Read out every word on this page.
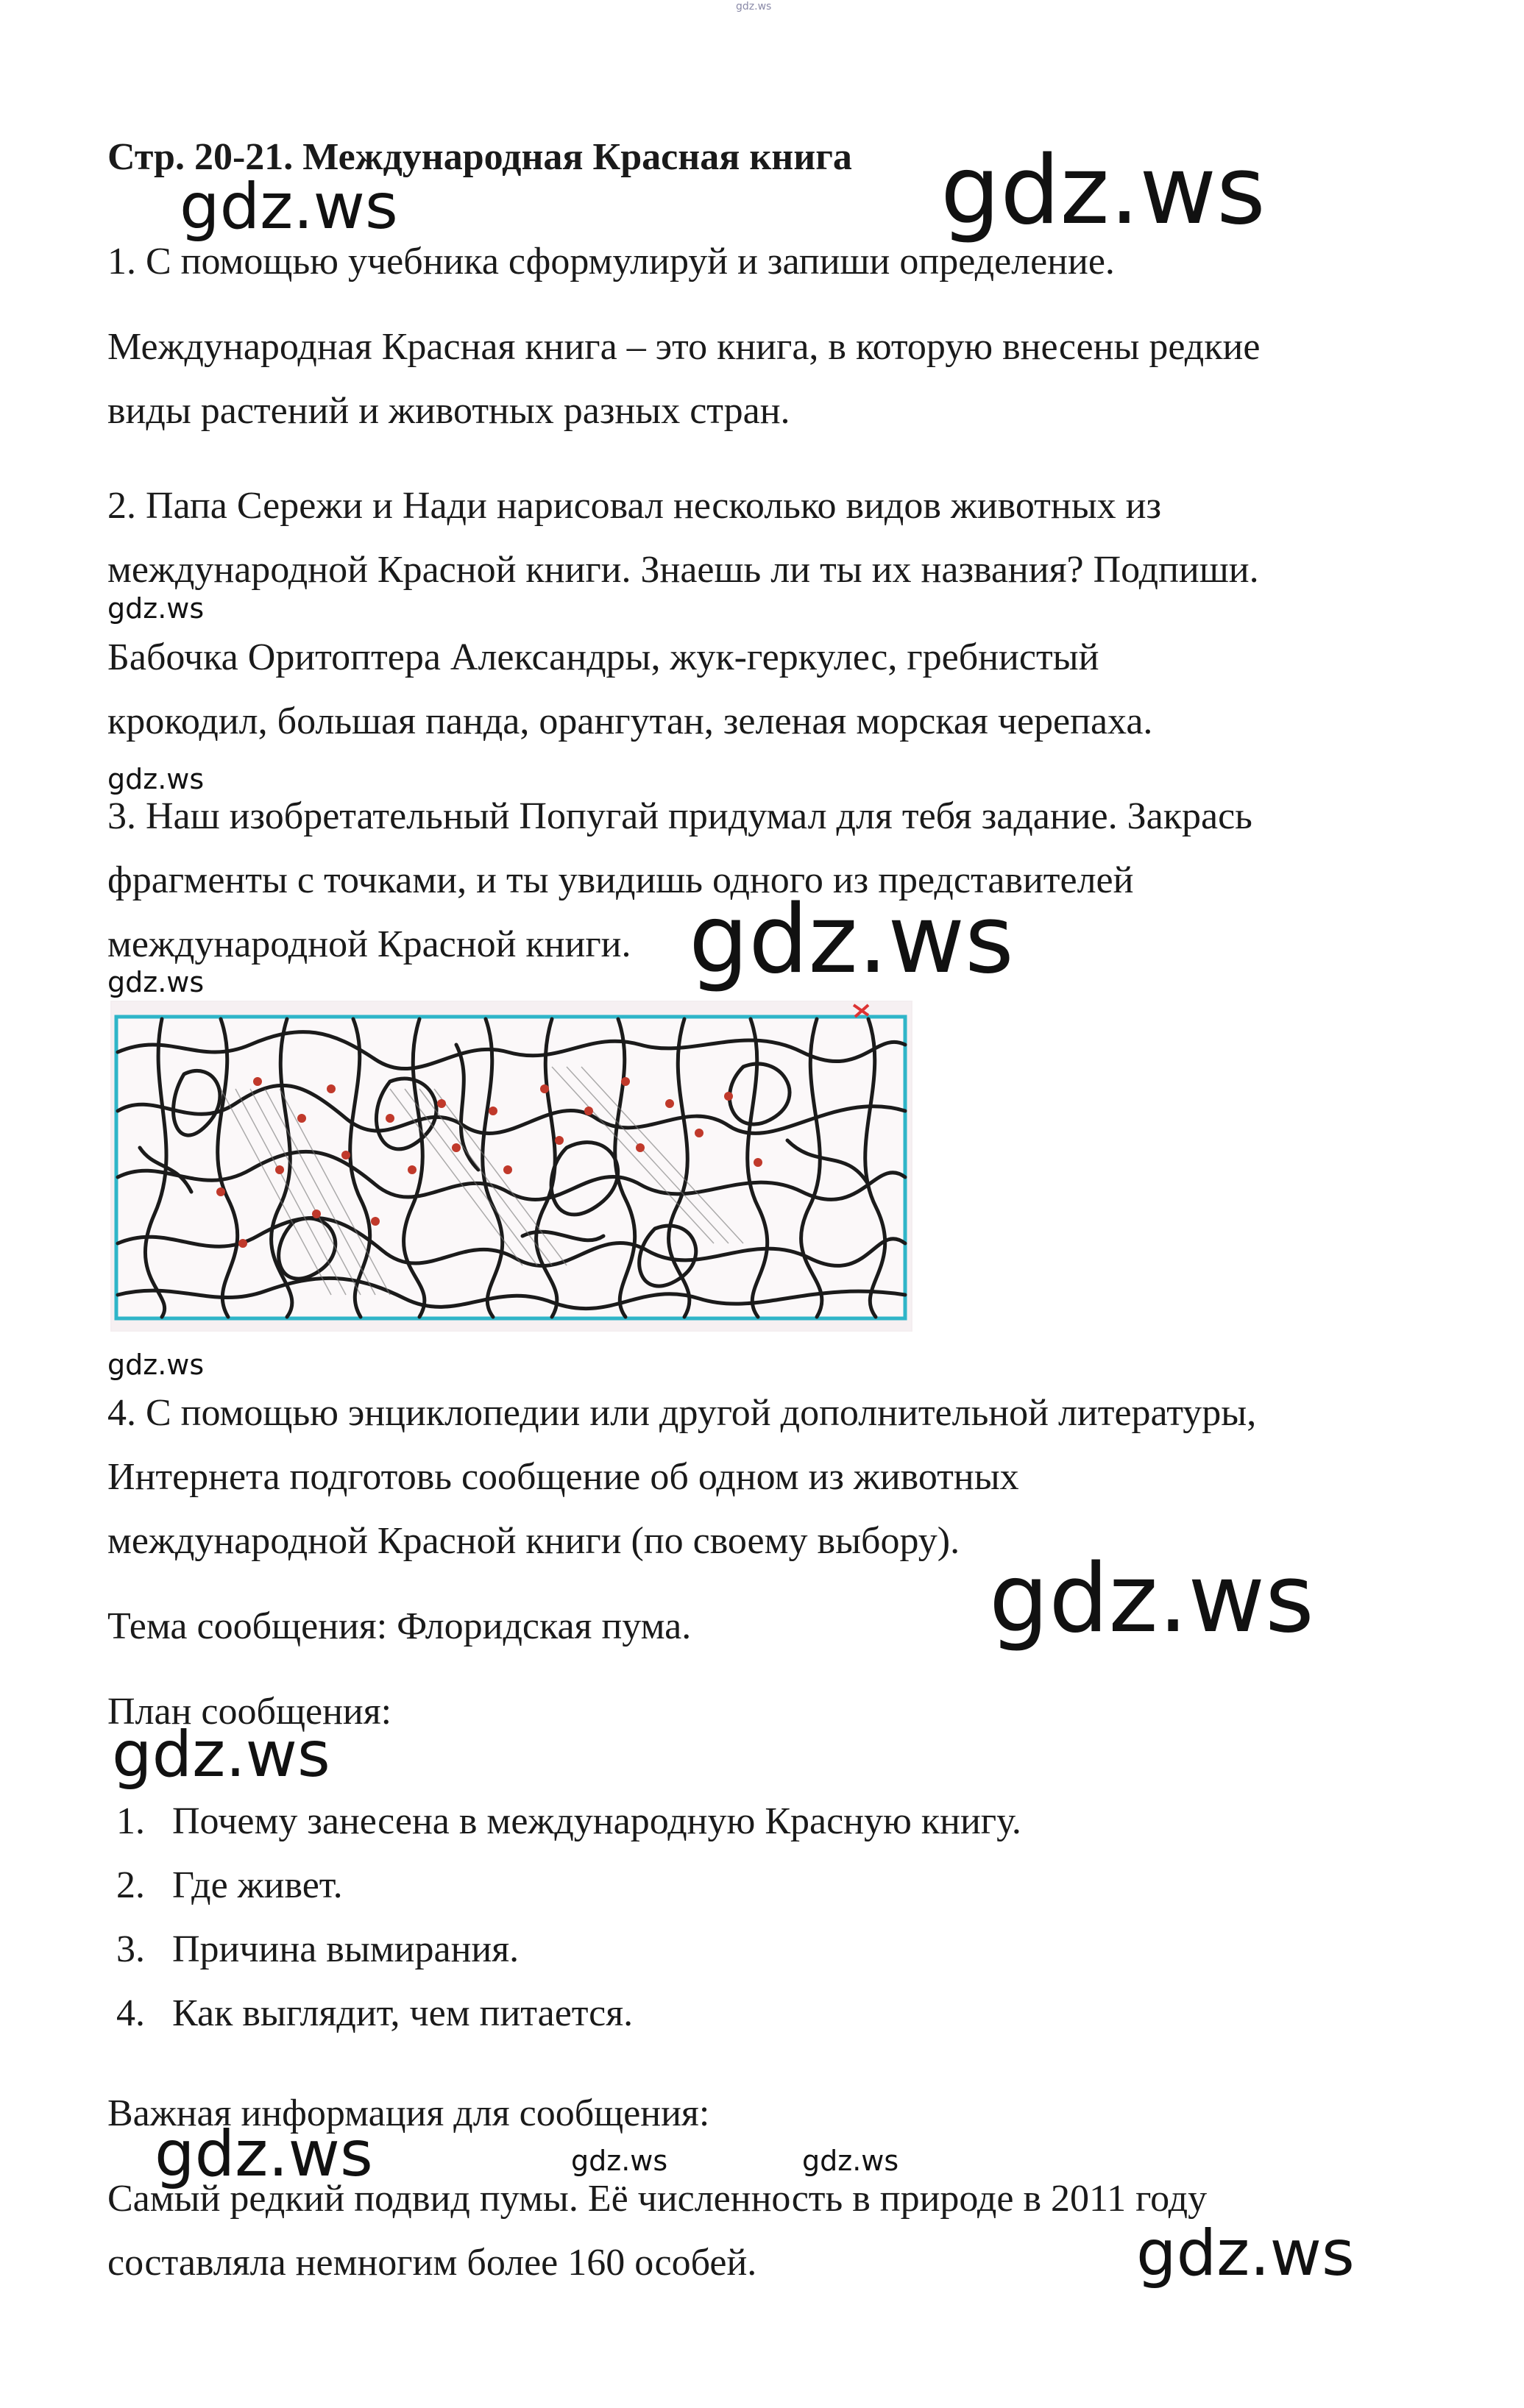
gdz.ws
Стр. 20-21. Международная Красная книга
1. С помощью учебника сформулируй и запиши определение.
Международная Красная книга – это книга, в которую внесены редкие
виды растений и животных разных стран.
2. Папа Сережи и Нади нарисовал несколько видов животных из
международной Красной книги. Знаешь ли ты их названия? Подпиши.
Бабочка Оритоптера Александры, жук-геркулес, гребнистый
крокодил, большая панда, орангутан, зеленая морская черепаха.
3. Наш изобретательный Попугай придумал для тебя задание. Закрась
фрагменты с точками, и ты увидишь одного из представителей
международной Красной книги.
4. С помощью энциклопедии или другой дополнительной литературы,
Интернета подготовь сообщение об одном из животных
международной Красной книги (по своему выбору).
Тема сообщения: Флоридская пума.
План сообщения:
1. Почему занесена в международную Красную книгу.
2. Где живет.
3. Причина вымирания.
4. Как выглядит, чем питается.
Важная информация для сообщения:
Самый редкий подвид пумы. Её численность в природе в 2011 году
составляла немногим более 160 особей.
gdz.ws
gdz.ws
gdz.ws
gdz.ws
gdz.ws
gdz.ws
gdz.ws
gdz.ws
gdz.ws
gdz.ws	gdz.ws	gdz.ws
gdz.ws
